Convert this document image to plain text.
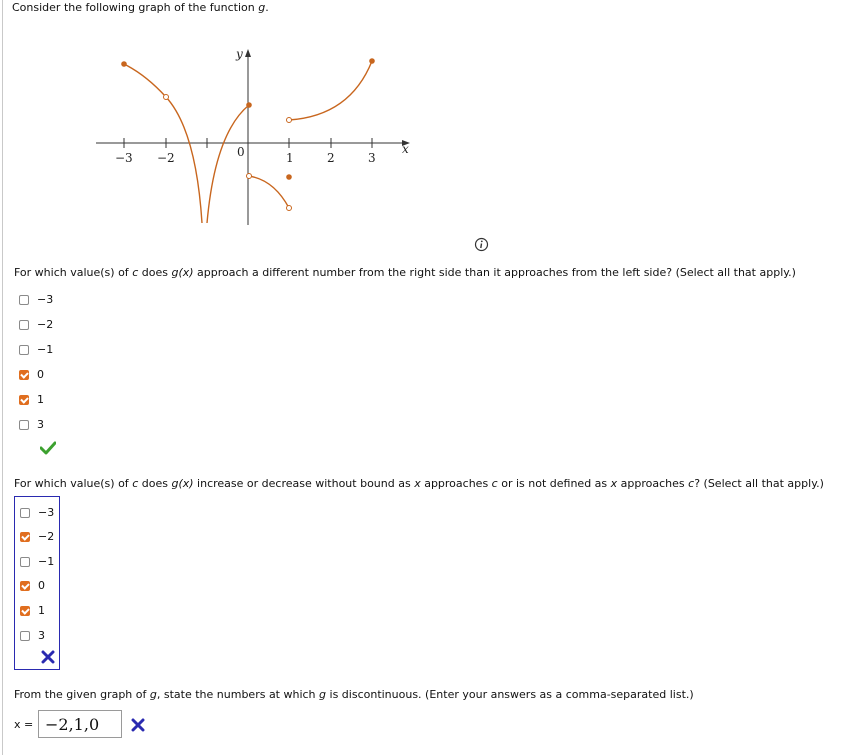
Consider the following graph of the function g.
−3 −2	0	1	2	3
x
y
For which value(s) of c does g(x) approach a different number from the right side than it approaches from the left side? (Select all that apply.)
−3
−2
−1
0
1
3
For which value(s) of c does g(x) increase or decrease without bound as x approaches c or is not defined as x approaches c? (Select all that apply.)
−3
−2
−1
0
1
3
From the given graph of g, state the numbers at which g is discontinuous. (Enter your answers as a comma-separated list.)
x = −2,1,0
